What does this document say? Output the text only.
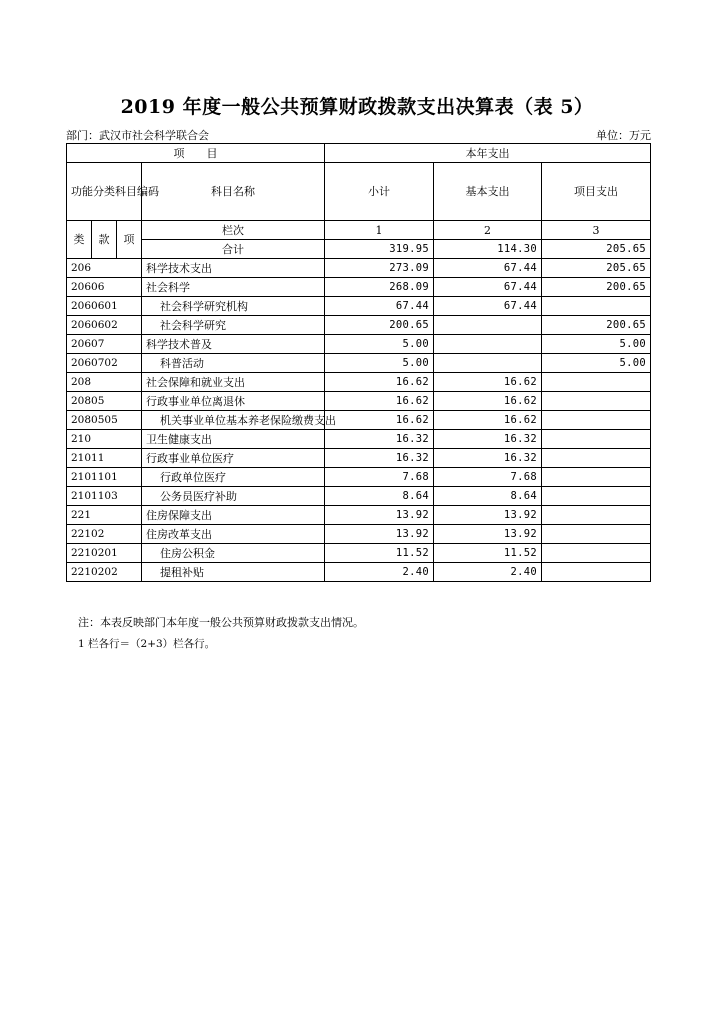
2019 年度一般公共预算财政拨款支出决算表（表 5）
部门：武汉市社会科学联合会	单位：万元
项　　目				本年支出		
功能分类科目编码			科目名称	小计	基本支出	项目支出
类	款	项				
			栏次	1	2	3
			合计	319.95	114.30	205.65
206			科学技术支出	273.09	67.44	205.65
20606			社会科学	268.09	67.44	200.65
2060601			社会科学研究机构	67.44	67.44	
2060602			社会科学研究	200.65		200.65
20607			科学技术普及	5.00		5.00
2060702			科普活动	5.00		5.00
208			社会保障和就业支出	16.62	16.62	
20805			行政事业单位离退休	16.62	16.62	
2080505			机关事业单位基本养老保险缴费支出	16.62	16.62	
210			卫生健康支出	16.32	16.32	
21011			行政事业单位医疗	16.32	16.32	
2101101			行政单位医疗	7.68	7.68	
2101103			公务员医疗补助	8.64	8.64	
221			住房保障支出	13.92	13.92	
22102			住房改革支出	13.92	13.92	
2210201			住房公积金	11.52	11.52	
2210202			提租补贴	2.40	2.40	
注：本表反映部门本年度一般公共预算财政拨款支出情况。
1 栏各行＝（2+3）栏各行。
